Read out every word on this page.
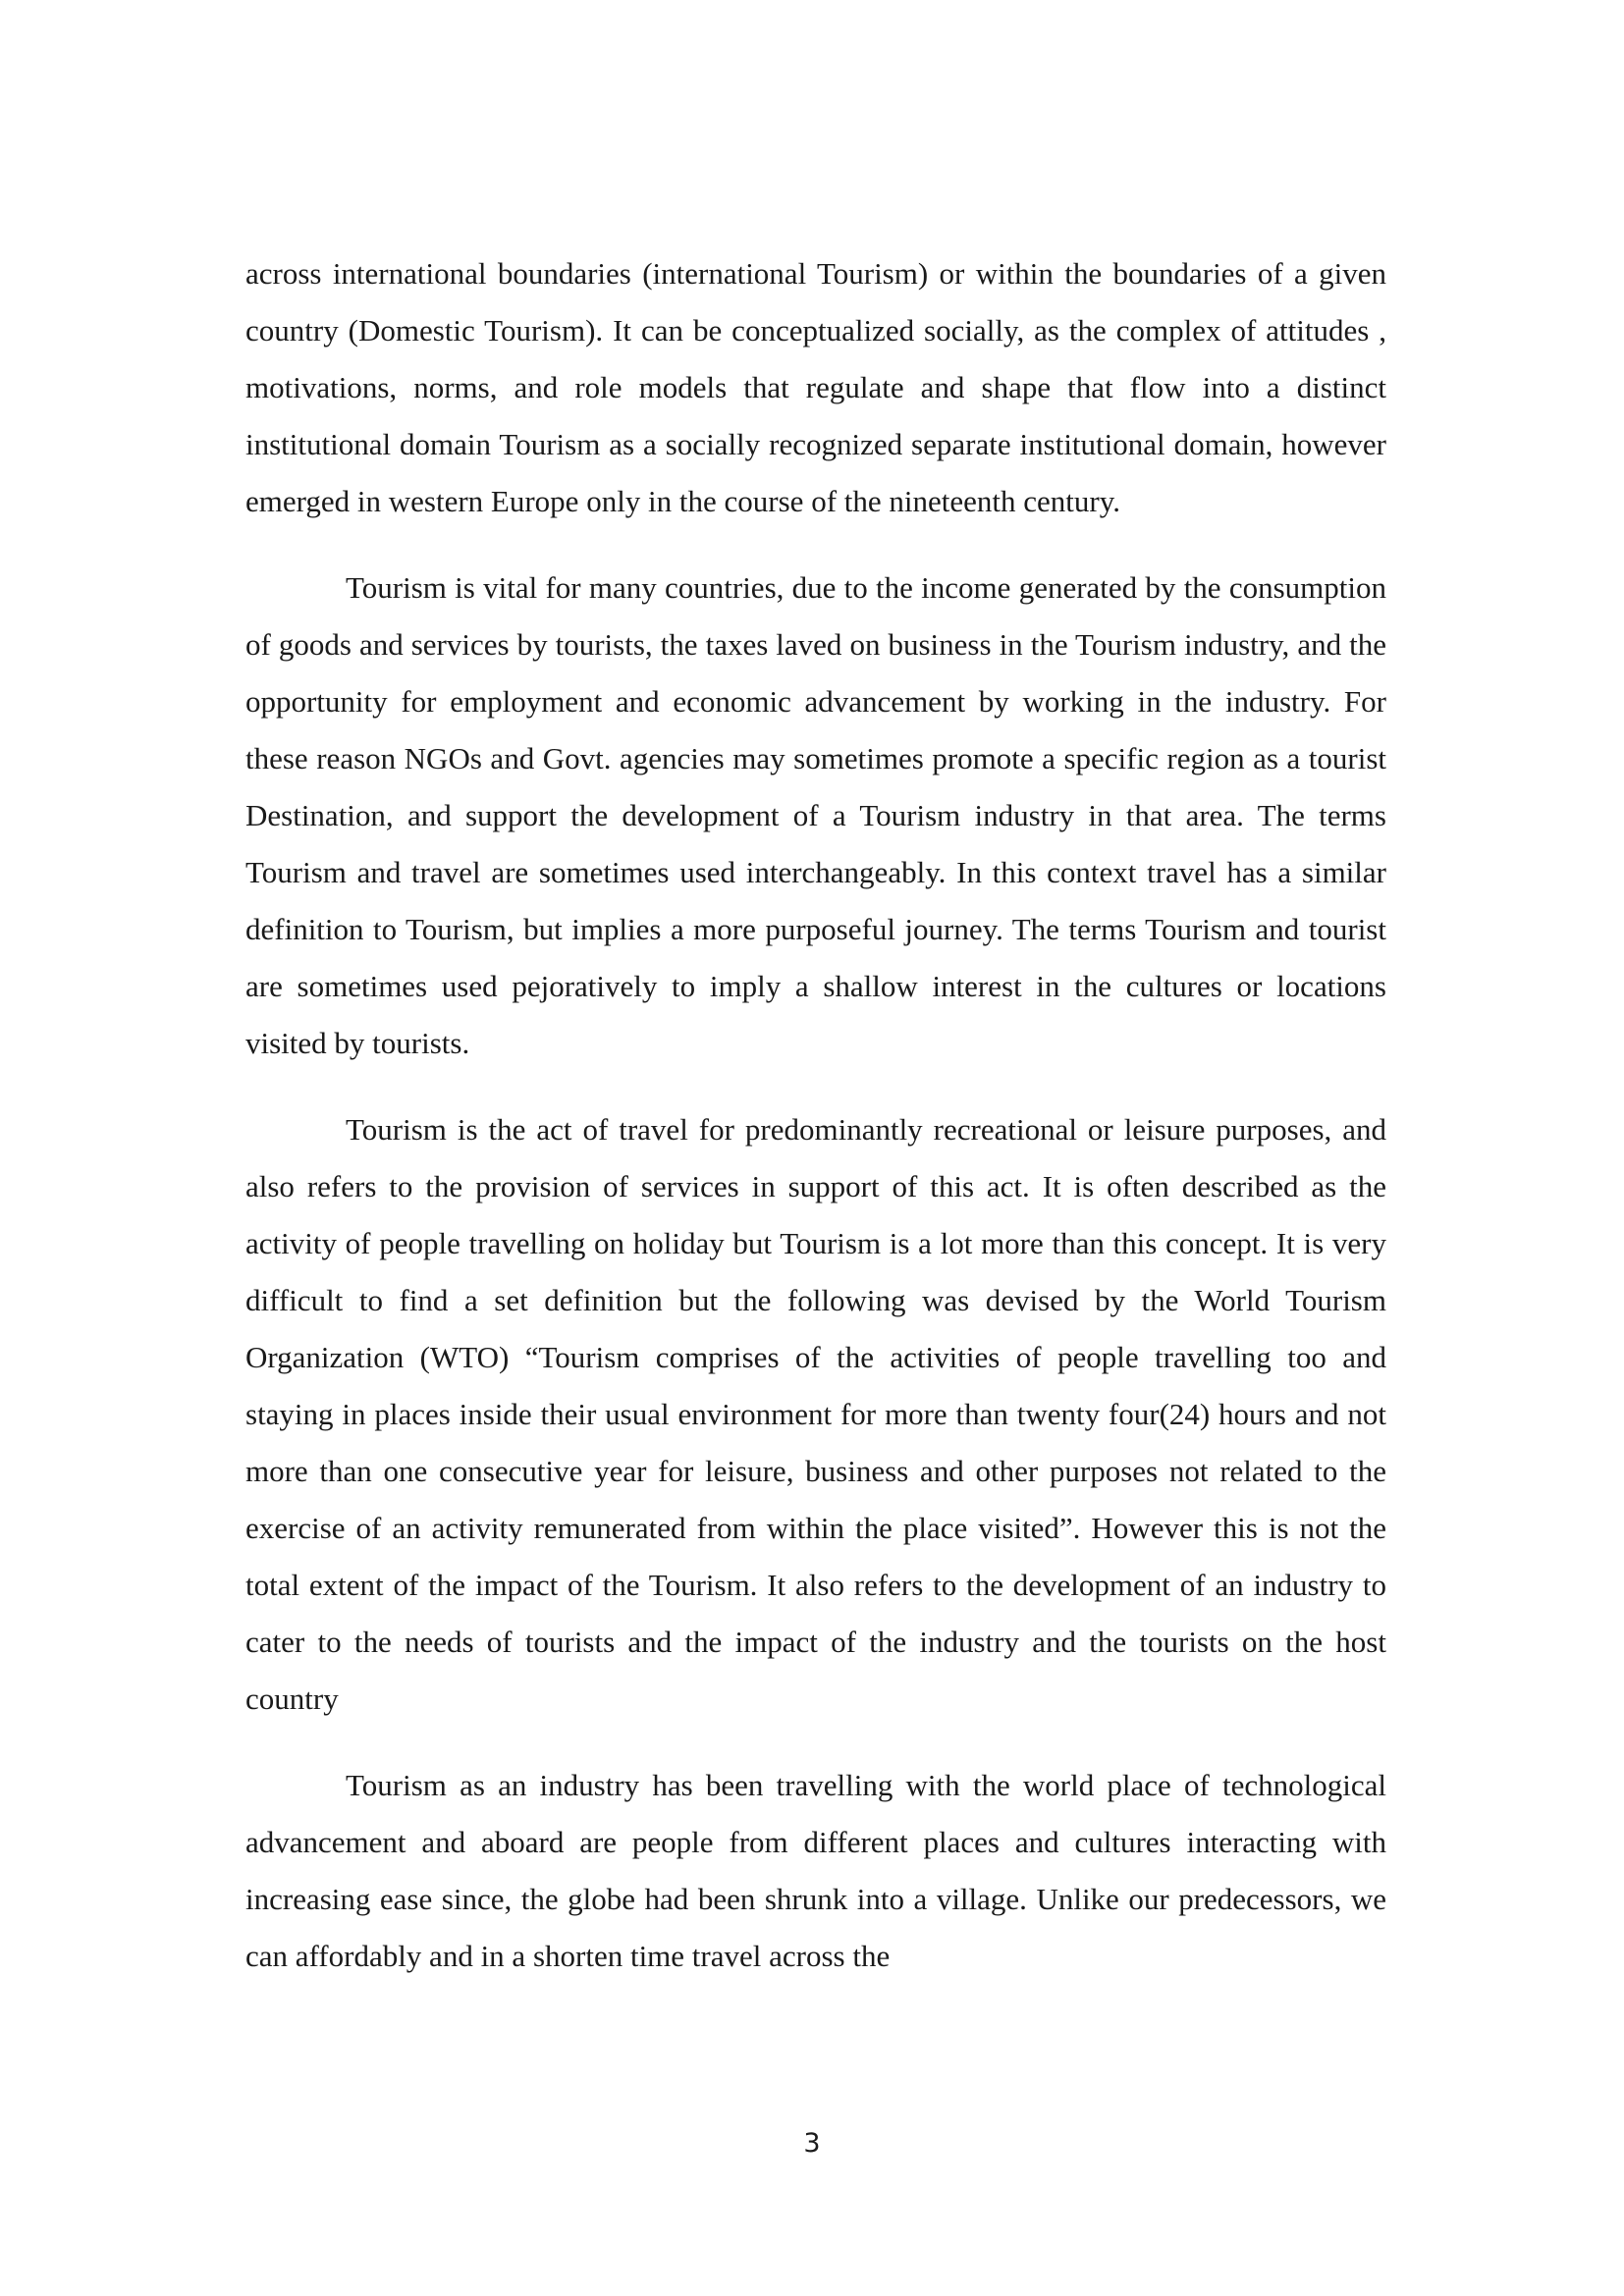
across international boundaries (international Tourism) or within the boundaries of a given country (Domestic Tourism). It can be conceptualized socially, as the complex of attitudes , motivations, norms, and role models that regulate and shape that flow into a distinct institutional domain Tourism as a socially recognized separate institutional domain, however emerged in western Europe only in the course of the nineteenth century.

Tourism is vital for many countries, due to the income generated by the consumption of goods and services by tourists, the taxes laved on business in the Tourism industry, and the opportunity for employment and economic advancement by working in the industry. For these reason NGOs and Govt. agencies may sometimes promote a specific region as a tourist Destination, and support the development of a Tourism industry in that area. The terms Tourism and travel are sometimes used interchangeably. In this context travel has a similar definition to Tourism, but implies a more purposeful journey. The terms Tourism and tourist are sometimes used pejoratively to imply a shallow interest in the cultures or locations visited by tourists.

Tourism is the act of travel for predominantly recreational or leisure purposes, and also refers to the provision of services in support of this act. It is often described as the activity of people travelling on holiday but Tourism is a lot more than this concept. It is very difficult to find a set definition but the following was devised by the World Tourism Organization (WTO) “Tourism comprises of the activities of people travelling too and staying in places inside their usual environment for more than twenty four(24) hours and not more than one consecutive year for leisure, business and other purposes not related to the exercise of an activity remunerated from within the place visited”. However this is not the total extent of the impact of the Tourism. It also refers to the development of an industry to cater to the needs of tourists and the impact of the industry and the tourists on the host country

Tourism as an industry has been travelling with the world place of technological advancement and aboard are people from different places and cultures interacting with increasing ease since, the globe had been shrunk into a village. Unlike our predecessors, we can affordably and in a shorten time travel across the

3
